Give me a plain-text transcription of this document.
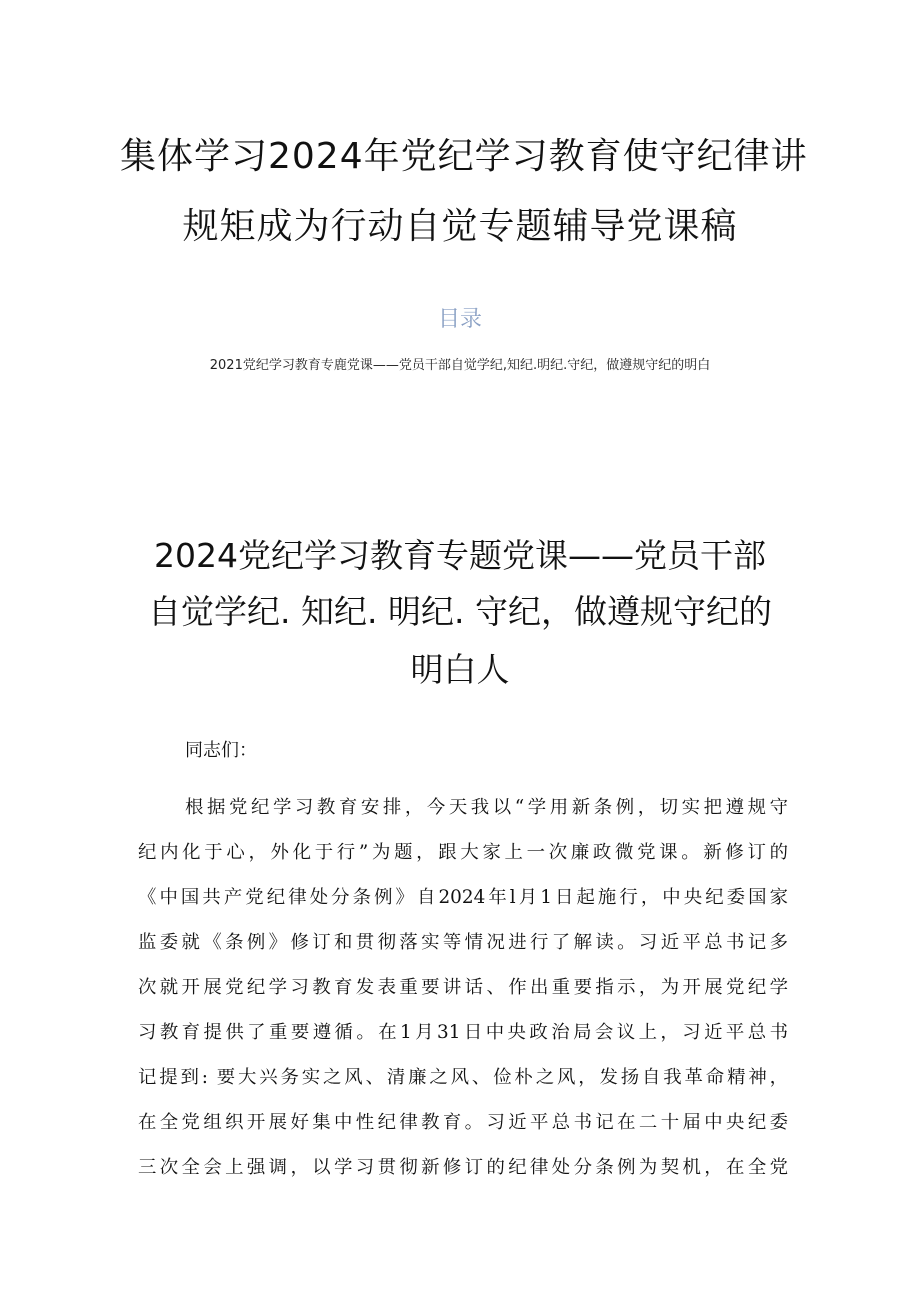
集体学习2024年党纪学习教育使守纪律讲
规矩成为行动自觉专题辅导党课稿
目录
2021党纪学习教育专鹿党课——党员干部自觉学纪,知纪.明纪.守纪，做遵规守纪的明白
2024党纪学习教育专题党课——党员干部
自觉学纪. 知纪. 明纪. 守纪，做遵规守纪的
明白人
同志们：
根据党纪学习教育安排，今天我以“学用新条例，切实把遵规守
纪内化于心，外化于行”为题，跟大家上一次廉政微党课。新修订的
《中国共产党纪律处分条例》自2024年l月1日起施行，中央纪委国家
监委就《条例》修订和贯彻落实等情况进行了解读。习近平总书记多
次就开展党纪学习教育发表重要讲话、作出重要指示，为开展党纪学
习教育提供了重要遵循。在1月31日中央政治局会议上，习近平总书
记提到: 要大兴务实之风、清廉之风、俭朴之风，发扬自我革命精神，
在全党组织开展好集中性纪律教育。习近平总书记在二十届中央纪委
三次全会上强调，以学习贯彻新修订的纪律处分条例为契机，在全党
